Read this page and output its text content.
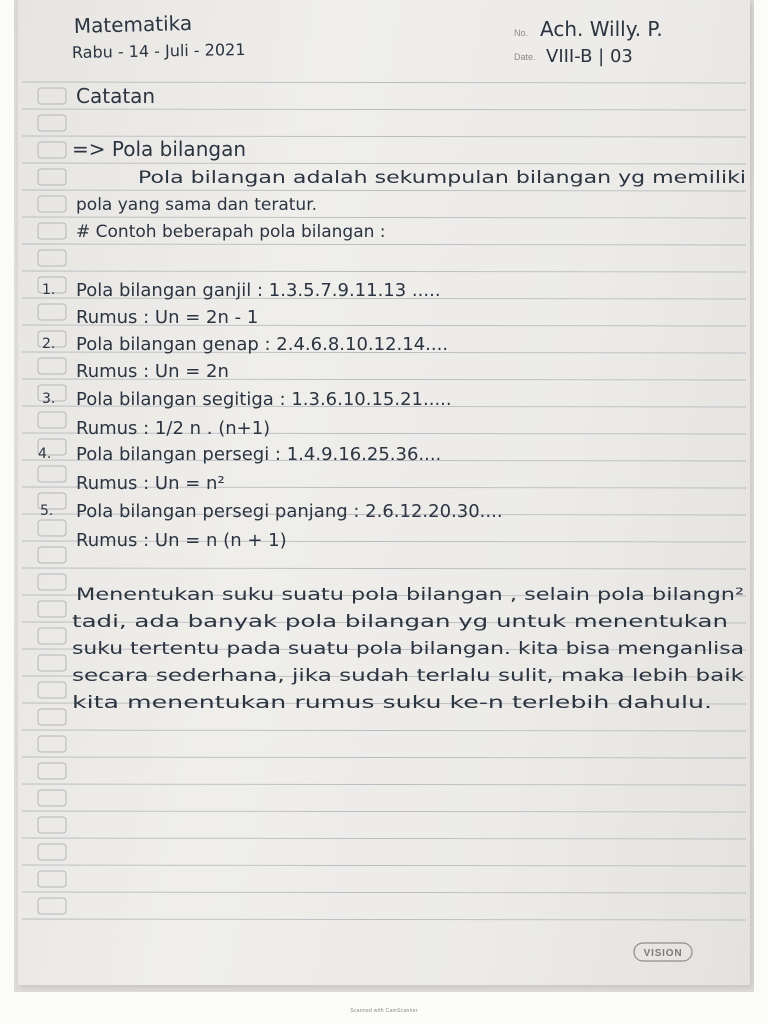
Matematika
Rabu - 14 - Juli - 2021
No. Ach. Willy. P.
Date. VIII-B | 03
Catatan
=> Pola bilangan
Pola bilangan adalah sekumpulan bilangan yg memiliki
pola yang sama dan teratur.
# Contoh beberapah pola bilangan :
1. Pola bilangan ganjil : 1.3.5.7.9.11.13 .....
Rumus : Un = 2n - 1
2. Pola bilangan genap : 2.4.6.8.10.12.14....
Rumus : Un = 2n
3. Pola bilangan segitiga : 1.3.6.10.15.21.....
Rumus : 1/2 n . (n+1)
4. Pola bilangan persegi : 1.4.9.16.25.36....
Rumus : Un = n²
5. Pola bilangan persegi panjang : 2.6.12.20.30....
Rumus : Un = n (n + 1)
Menentukan suku suatu pola bilangan , selain pola bilangn²
tadi, ada banyak pola bilangan yg untuk menentukan
suku tertentu pada suatu pola bilangan. kita bisa menganlisa
secara sederhana, jika sudah terlalu sulit, maka lebih baik
kita menentukan rumus suku ke-n terlebih dahulu.
VISION
Scanned with CamScanner
